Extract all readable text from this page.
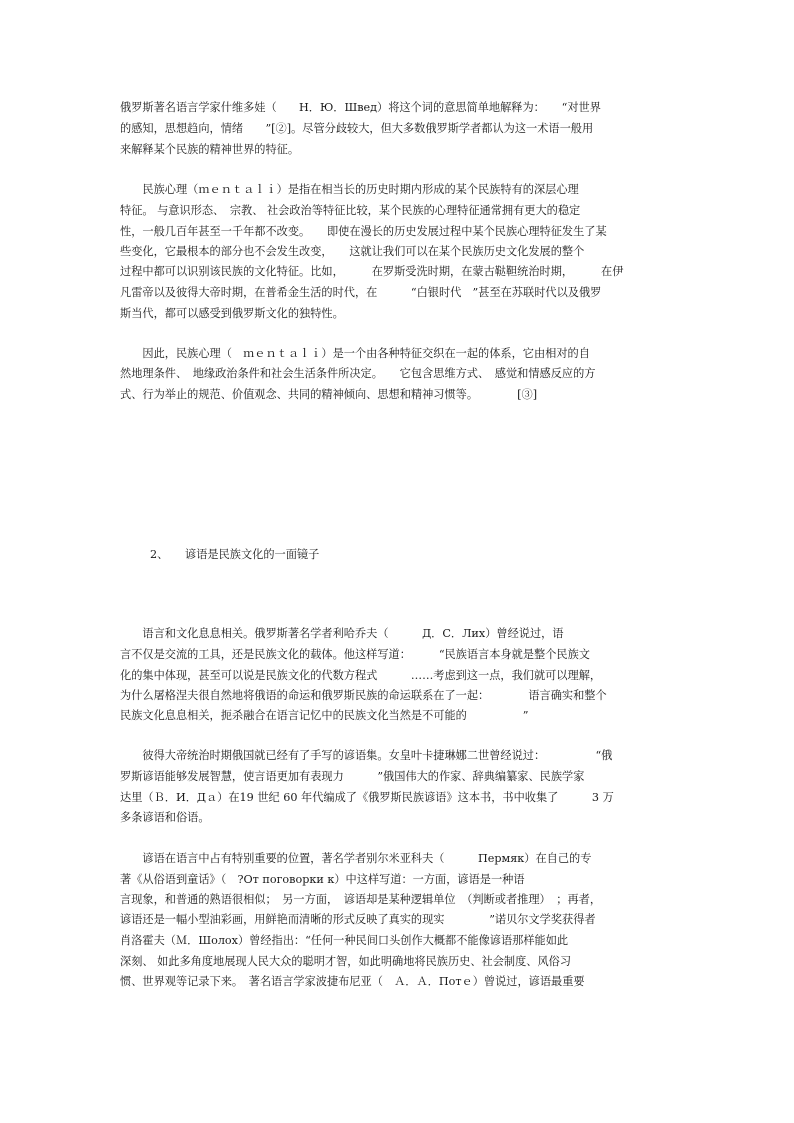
俄罗斯著名语言学家什维多娃（　　Н．Ю．Швед）将这个词的意思简单地解释为：　　“对世界
的感知，思想趋向，情绪　　”[②]。尽管分歧较大，但大多数俄罗斯学者都认为这一术语一般用
来解释某个民族的精神世界的特征。
　　民族心理（ｍｅｎｔａｌｉ）是指在相当长的历史时期内形成的某个民族特有的深层心理
特征。 与意识形态、　宗教、 社会政治等特征比较，某个民族的心理特征通常拥有更大的稳定
性，一般几百年甚至一千年都不改变。　　即使在漫长的历史发展过程中某个民族心理特征发生了某
些变化，它最根本的部分也不会发生改变，　　这就让我们可以在某个民族历史文化发展的整个
过程中都可以识别该民族的文化特征。比如，　　　在罗斯受洗时期，在蒙古鞑靼统治时期，　　　在伊
凡雷帝以及彼得大帝时期，在普希金生活的时代，在　　　“白银时代　”甚至在苏联时代以及俄罗
斯当代，都可以感受到俄罗斯文化的独特性。
　　因此，民族心理（　ｍｅｎｔａｌｉ）是一个由各种特征交织在一起的体系，它由相对的自
然地理条件、　地缘政治条件和社会生活条件所决定。　　它包含思维方式、　感觉和情感反应的方
式、行为举止的规范、价值观念、共同的精神倾向、思想和精神习惯等。　　　　[③]
2、 谚语是民族文化的一面镜子
　　语言和文化息息相关。俄罗斯著名学者利哈乔夫（　　　Д．С．Лих）曾经说过，语
言不仅是交流的工具，还是民族文化的载体。他这样写道：　　　“民族语言本身就是整个民族文
化的集中体现，甚至可以说是民族文化的代数方程式　　　……考虑到这一点，我们就可以理解，
为什么屠格涅夫很自然地将俄语的命运和俄罗斯民族的命运联系在了一起：　　　　语言确实和整个
民族文化息息相关，扼杀融合在语言记忆中的民族文化当然是不可能的　　　　　”
　　彼得大帝统治时期俄国就已经有了手写的谚语集。女皇叶卡捷琳娜二世曾经说过：　　　　　“俄
罗斯谚语能够发展智慧，使言语更加有表现力　　　”俄国伟大的作家、辞典编纂家、民族学家
达里（Ｂ．И．Дａ）在19 世纪 60 年代编成了《俄罗斯民族谚语》这本书，书中收集了　　　3 万
多条谚语和俗语。
　　谚语在语言中占有特别重要的位置，著名学者别尔米亚科夫（　　　Пермяк）在自己的专
著《从俗语到童话》（　?От поговорки к）中这样写道：一方面，谚语是一种语
言现象，和普通的熟语很相似；　另一方面，　谚语却是某种逻辑单位　（判断或者推理）　；再者，
谚语还是一幅小型油彩画，用鲜艳而清晰的形式反映了真实的现实　　　　”诺贝尔文学奖获得者
肖洛霍夫（Ｍ．Шолох）曾经指出：“任何一种民间口头创作大概都不能像谚语那样能如此
深刻、 如此多角度地展现人民大众的聪明才智，如此明确地将民族历史、社会制度、风俗习
惯、世界观等记录下来。　著名语言学家波捷布尼亚（　Ａ．Ａ．Потｅ）曾说过，谚语最重要
